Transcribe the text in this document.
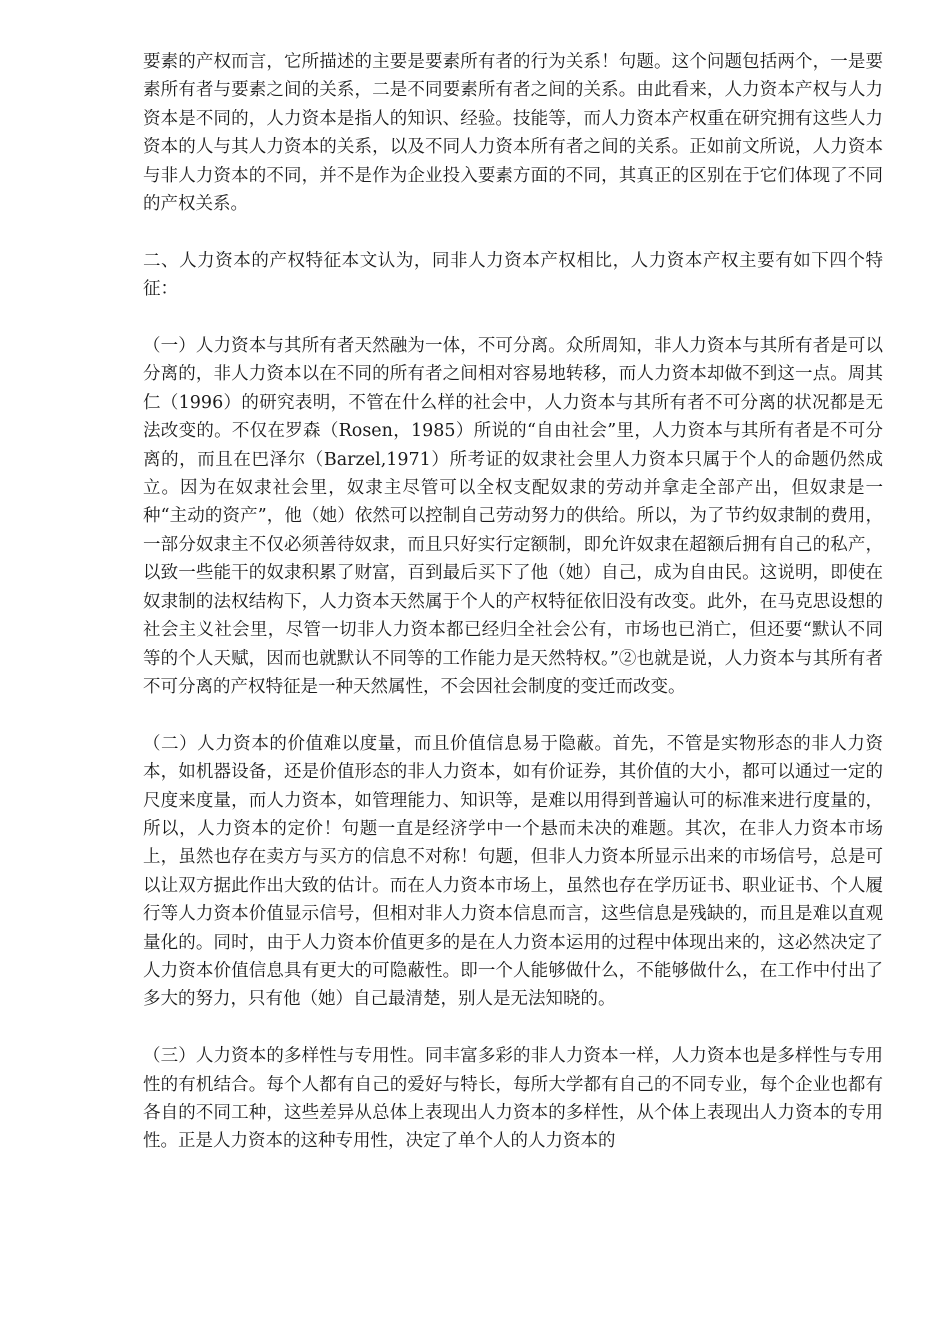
要素的产权而言，它所描述的主要是要素所有者的行为关系！句题。这个问题包括两个，一是要素所有者与要素之间的关系，二是不同要素所有者之间的关系。由此看来，人力资本产权与人力资本是不同的，人力资本是指人的知识、经验。技能等，而人力资本产权重在研究拥有这些人力资本的人与其人力资本的关系，以及不同人力资本所有者之间的关系。正如前文所说，人力资本与非人力资本的不同，并不是作为企业投入要素方面的不同，其真正的区别在于它们体现了不同的产权关系。

二、人力资本的产权特征本文认为，同非人力资本产权相比，人力资本产权主要有如下四个特征：

（一）人力资本与其所有者天然融为一体，不可分离。众所周知，非人力资本与其所有者是可以分离的，非人力资本以在不同的所有者之间相对容易地转移，而人力资本却做不到这一点。周其仁（1996）的研究表明，不管在什么样的社会中，人力资本与其所有者不可分离的状况都是无法改变的。不仅在罗森（Rosen，1985）所说的“自由社会”里，人力资本与其所有者是不可分离的，而且在巴泽尔（Barzel,1971）所考证的奴隶社会里人力资本只属于个人的命题仍然成立。因为在奴隶社会里，奴隶主尽管可以全权支配奴隶的劳动并拿走全部产出，但奴隶是一种“主动的资产”，他（她）依然可以控制自己劳动努力的供给。所以，为了节约奴隶制的费用，一部分奴隶主不仅必须善待奴隶，而且只好实行定额制，即允许奴隶在超额后拥有自己的私产，以致一些能干的奴隶积累了财富，百到最后买下了他（她）自己，成为自由民。这说明，即使在奴隶制的法权结构下，人力资本天然属于个人的产权特征依旧没有改变。此外，在马克思设想的社会主义社会里，尽管一切非人力资本都已经归全社会公有，市场也已消亡，但还要“默认不同等的个人天赋，因而也就默认不同等的工作能力是天然特权。”②也就是说，人力资本与其所有者不可分离的产权特征是一种天然属性，不会因社会制度的变迁而改变。

（二）人力资本的价值难以度量，而且价值信息易于隐蔽。首先，不管是实物形态的非人力资本，如机器设备，还是价值形态的非人力资本，如有价证券，其价值的大小，都可以通过一定的尺度来度量，而人力资本，如管理能力、知识等，是难以用得到普遍认可的标准来进行度量的，所以，人力资本的定价！句题一直是经济学中一个悬而未决的难题。其次，在非人力资本市场上，虽然也存在卖方与买方的信息不对称！句题，但非人力资本所显示出来的市场信号，总是可以让双方据此作出大致的估计。而在人力资本市场上，虽然也存在学历证书、职业证书、个人履行等人力资本价值显示信号，但相对非人力资本信息而言，这些信息是残缺的，而且是难以直观量化的。同时，由于人力资本价值更多的是在人力资本运用的过程中体现出来的，这必然决定了人力资本价值信息具有更大的可隐蔽性。即一个人能够做什么，不能够做什么，在工作中付出了多大的努力，只有他（她）自己最清楚，别人是无法知晓的。

（三）人力资本的多样性与专用性。同丰富多彩的非人力资本一样，人力资本也是多样性与专用性的有机结合。每个人都有自己的爱好与特长，每所大学都有自己的不同专业，每个企业也都有各自的不同工种，这些差异从总体上表现出人力资本的多样性，从个体上表现出人力资本的专用性。正是人力资本的这种专用性，决定了单个人的人力资本的
